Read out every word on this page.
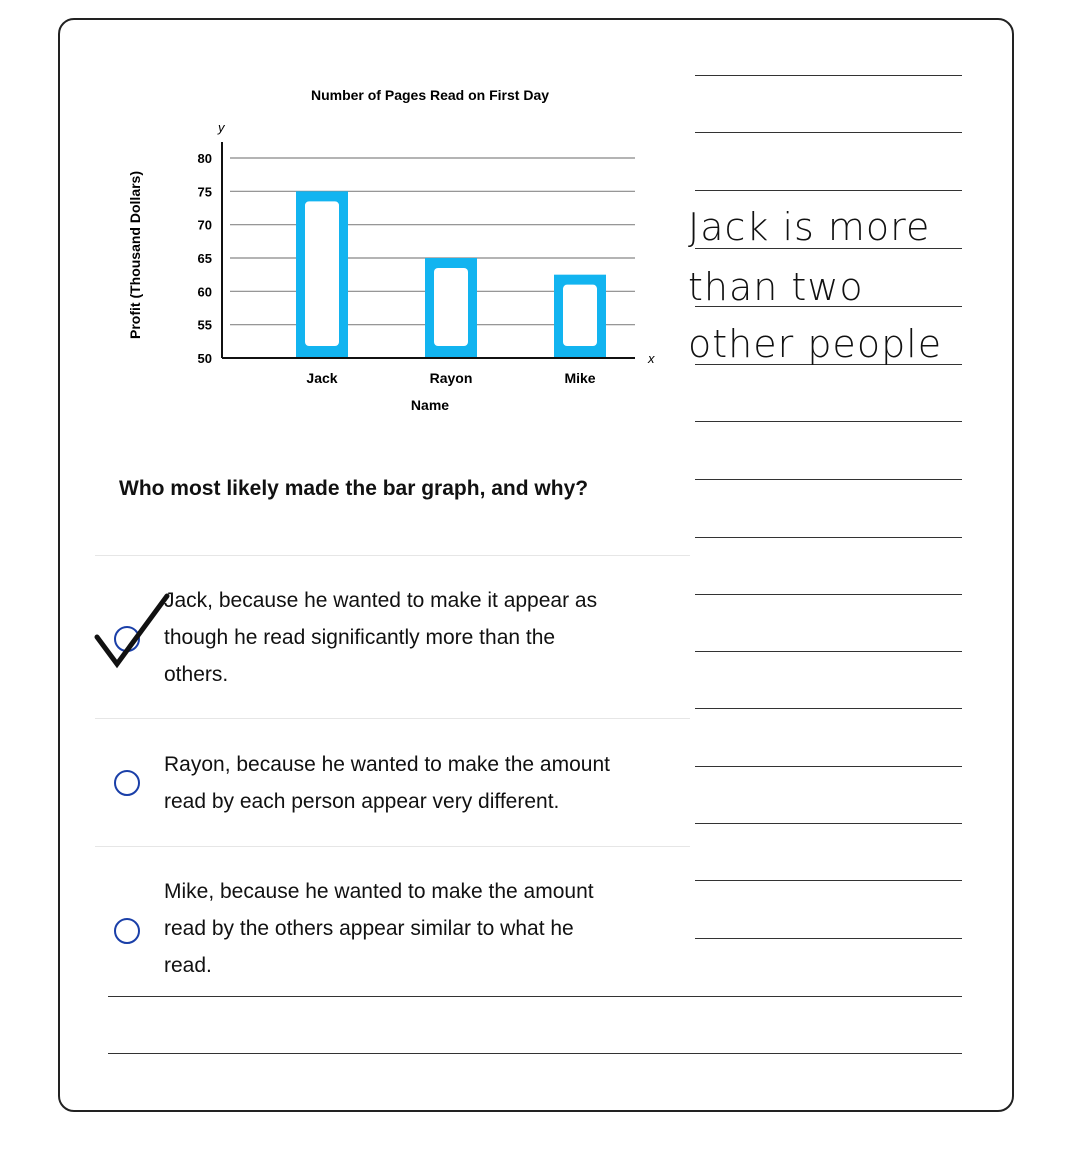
Number of Pages Read on First Day
y
x
Name
Profit (Thousand Dollars)
50
55
60
65
70
75
80
Jack	Rayon	Mike
Jack is more
than two
other people
Who most likely made the bar graph, and why?
Jack, because he wanted to make it appear as
though he read significantly more than the
others.
Rayon, because he wanted to make the amount
read by each person appear very different.
Mike, because he wanted to make the amount
read by the others appear similar to what he
read.
